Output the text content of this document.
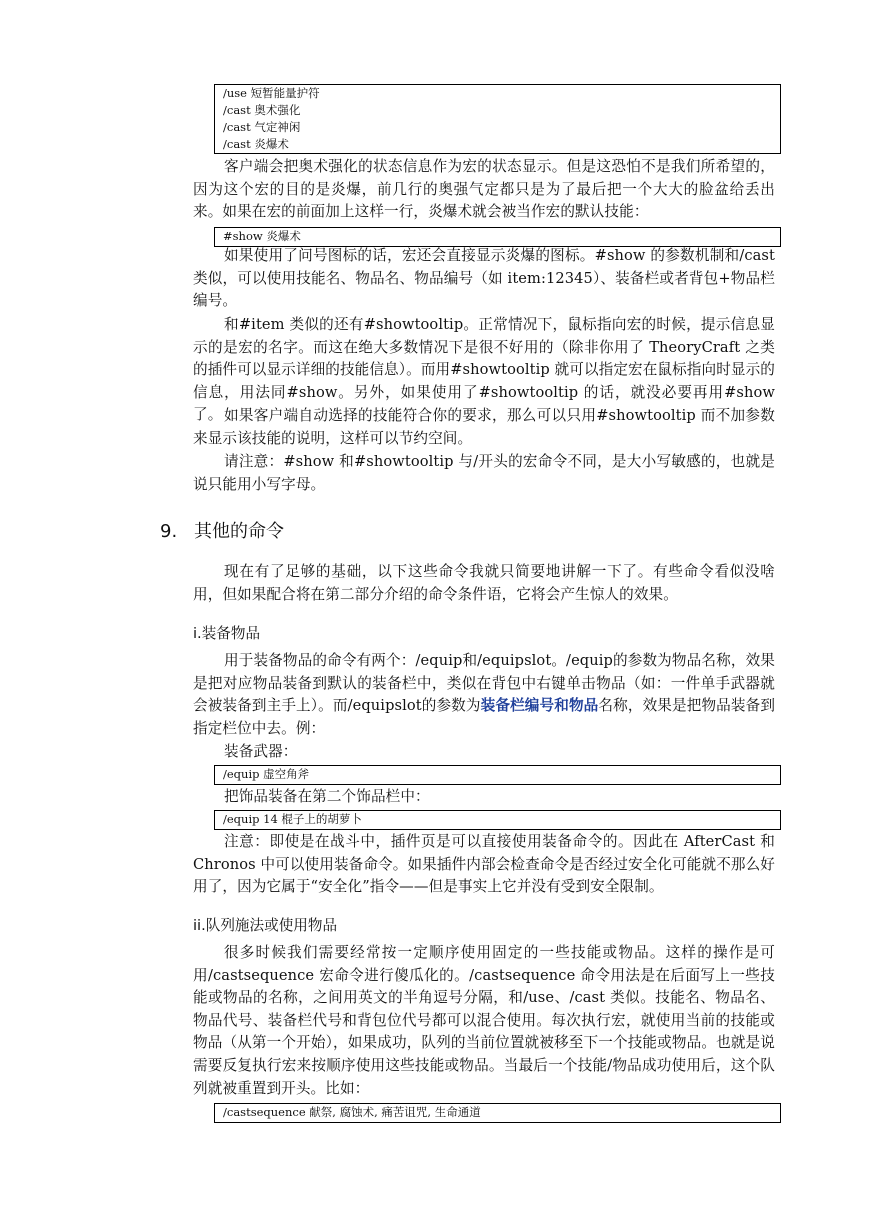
/use 短暂能量护符
/cast 奥术强化
/cast 气定神闲
/cast 炎爆术
客户端会把奥术强化的状态信息作为宏的状态显示。但是这恐怕不是我们所希望的，因为这个宏的目的是炎爆，前几行的奥强气定都只是为了最后把一个大大的脸盆给丢出来。如果在宏的前面加上这样一行，炎爆术就会被当作宏的默认技能：
#show 炎爆术
如果使用了问号图标的话，宏还会直接显示炎爆的图标。#show 的参数机制和/cast 类似，可以使用技能名、物品名、物品编号（如 item:12345）、装备栏或者背包+物品栏编号。
和#item 类似的还有#showtooltip。正常情况下，鼠标指向宏的时候，提示信息显示的是宏的名字。而这在绝大多数情况下是很不好用的（除非你用了 TheoryCraft 之类的插件可以显示详细的技能信息）。而用#showtooltip 就可以指定宏在鼠标指向时显示的信息，用法同#show。另外，如果使用了#showtooltip 的话，就没必要再用#show 了。 如果客户端自动选择的技能符合你的要求，那么可以只用#showtooltip 而不加参数来显示该技能的说明，这样可以节约空间。
请注意：#show 和#showtooltip 与/开头的宏命令不同，是大小写敏感的，也就是说只能用小写字母。
9. 其他的命令
现在有了足够的基础，以下这些命令我就只简要地讲解一下了。有些命令看似没啥用，但如果配合将在第二部分介绍的命令条件语，它将会产生惊人的效果。
i.装备物品
用于装备物品的命令有两个：/equip和/equipslot。/equip的参数为物品名称，效果是把对应物品装备到默认的装备栏中，类似在背包中右键单击物品（如：一件单手武器就会被装备到主手上）。而/equipslot的参数为装备栏编号和物品名称，效果是把物品装备到指定栏位中去。例：
装备武器：
/equip 虚空角斧
把饰品装备在第二个饰品栏中：
/equip 14 棍子上的胡萝卜
注意：即使是在战斗中，插件页是可以直接使用装备命令的。因此在 AfterCast 和 Chronos 中可以使用装备命令。如果插件内部会检查命令是否经过安全化可能就不那么好用了，因为它属于“安全化”指令——但是事实上它并没有受到安全限制。
ii.队列施法或使用物品
很多时候我们需要经常按一定顺序使用固定的一些技能或物品。这样的操作是可用/castsequence 宏命令进行傻瓜化的。/castsequence 命令用法是在后面写上一些技能或物品的名称，之间用英文的半角逗号分隔，和/use、/cast 类似。技能名、物品名、物品代号、装备栏代号和背包位代号都可以混合使用。每次执行宏，就使用当前的技能或物品（从第一个开始），如果成功，队列的当前位置就被移至下一个技能或物品。也就是说需要反复执行宏来按顺序使用这些技能或物品。当最后一个技能/物品成功使用后，这个队列就被重置到开头。比如：
/castsequence 献祭, 腐蚀术, 痛苦诅咒, 生命通道
